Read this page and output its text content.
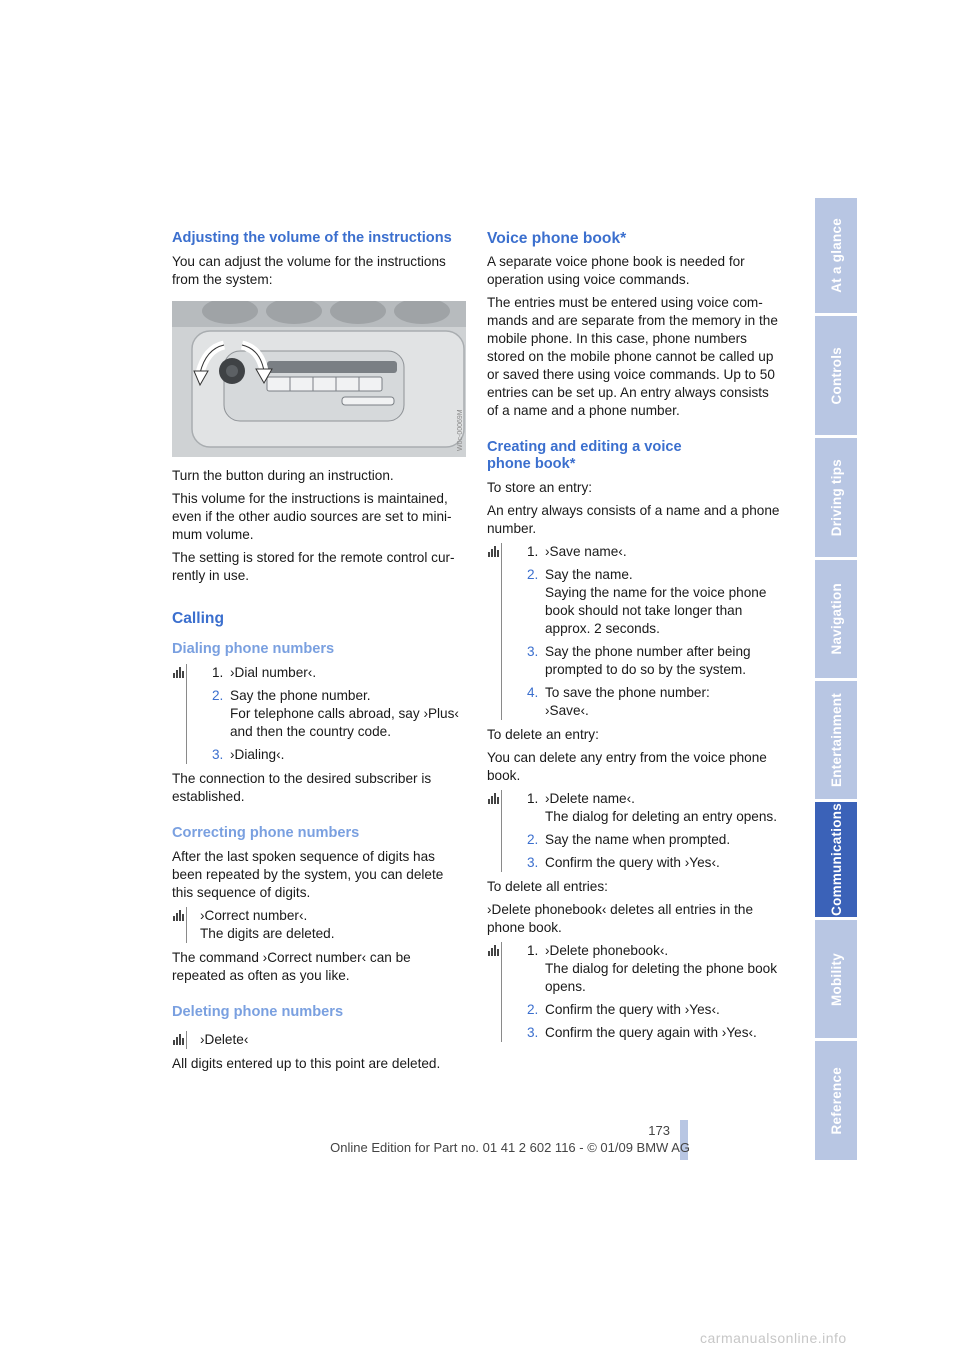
Adjusting the volume of the instructions

You can adjust the volume for the instructions from the system:

W0c-00069M

Turn the button during an instruction.

This volume for the instructions is maintained, even if the other audio sources are set to mini-mum volume.

The setting is stored for the remote control cur-rently in use.

Calling
Dialing phone numbers
1. ›Dial number‹.
2. Say the phone number.
For telephone calls abroad, say ›Plus‹ and then the country code.
3. ›Dialing‹.

The connection to the desired subscriber is established.

Correcting phone numbers

After the last spoken sequence of digits has been repeated by the system, you can delete this sequence of digits.

›Correct number‹.
The digits are deleted.

The command ›Correct number‹ can be repeated as often as you like.

Deleting phone numbers
›Delete‹

All digits entered up to this point are deleted.

Voice phone book*

A separate voice phone book is needed for operation using voice commands.

The entries must be entered using voice com-mands and are separate from the memory in the mobile phone. In this case, phone numbers stored on the mobile phone cannot be called up or saved there using voice commands. Up to 50 entries can be set up. An entry always consists of a name and a phone number.

Creating and editing a voice phone book*

To store an entry:

An entry always consists of a name and a phone number.

1. ›Save name‹.
2. Say the name.
Saying the name for the voice phone book should not take longer than approx. 2 seconds.
3. Say the phone number after being prompted to do so by the system.
4. To save the phone number:
›Save‹.

To delete an entry:

You can delete any entry from the voice phone book.

1. ›Delete name‹.
The dialog for deleting an entry opens.
2. Say the name when prompted.
3. Confirm the query with ›Yes‹.

To delete all entries:

›Delete phonebook‹ deletes all entries in the phone book.

1. ›Delete phonebook‹.
The dialog for deleting the phone book opens.
2. Confirm the query with ›Yes‹.
3. Confirm the query again with ›Yes‹.
At a glance
Controls
Driving tips
Navigation
Entertainment
Communications
Mobility
Reference
173
Online Edition for Part no. 01 41 2 602 116 - © 01/09 BMW AG
carmanualsonline.info
